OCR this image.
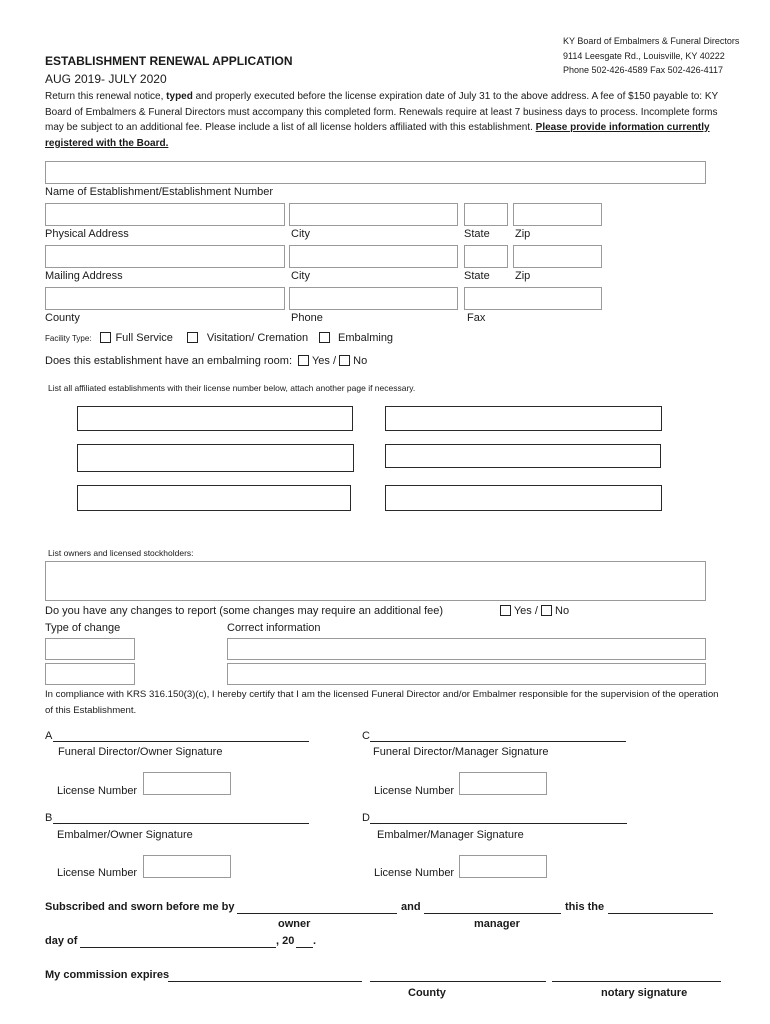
KY Board of Embalmers & Funeral Directors
9114 Leesgate Rd., Louisville, KY 40222
Phone 502-426-4589 Fax 502-426-4117
ESTABLISHMENT RENEWAL APPLICATION
AUG 2019- JULY 2020
Return this renewal notice, typed and properly executed before the license expiration date of July 31 to the above address. A fee of $150 payable to: KY Board of Embalmers & Funeral Directors must accompany this completed form. Renewals require at least 7 business days to process. Incomplete forms may be subject to an additional fee. Please include a list of all license holders affiliated with this establishment. Please provide information currently registered with the Board.
Name of Establishment/Establishment Number
Physical Address	City	State Zip
Mailing Address	City	State Zip
County	Phone	Fax
Facility Type: Full Service	Visitation/ Cremation	Embalming
Does this establishment have an embalming room: Yes / No
List all affiliated establishments with their license number below, attach another page if necessary.
List owners and licensed stockholders:
Do you have any changes to report (some changes may require an additional fee)	Yes / No
Type of change	Correct information
In compliance with KRS 316.150(3)(c), I hereby certify that I am the licensed Funeral Director and/or Embalmer responsible for the supervision of the operation of this Establishment.
A
Funeral Director/Owner Signature
C
Funeral Director/Manager Signature
License Number	License Number
B
Embalmer/Owner Signature
D
Embalmer/Manager Signature
License Number	License Number
Subscribed and sworn before me by	and	this the
owner	manager
day of	, 20 .
My commission expires
County	notary signature
